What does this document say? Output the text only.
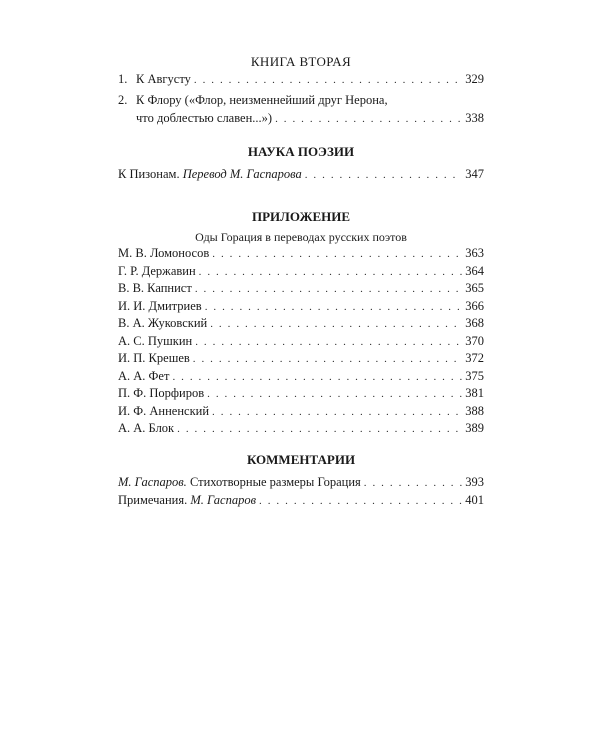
КНИГА ВТОРАЯ

1. К Августу . . .	329
2. К Флору («Флор, неизменнейший друг Нерона,
что доблестью славен...») . . .	338

НАУКА ПОЭЗИИ

К Пизонам. Перевод М. Гаспарова . . .	347

ПРИЛОЖЕНИЕ

Оды Горация в переводах русских поэтов

М. В. Ломоносов . . .	363
Г. Р. Державин . . .	364
В. В. Капнист . . .	365
И. И. Дмитриев . . .	366
В. А. Жуковский . . .	368
А. С. Пушкин . . .	370
И. П. Крешев . . .	372
А. А. Фет . . .	375
П. Ф. Порфиров . . .	381
И. Ф. Анненский . . .	388
А. А. Блок . . .	389

КОММЕНТАРИИ

М. Гаспаров. Стихотворные размеры Горация . . .	393
Примечания. М. Гаспаров . . .	401
